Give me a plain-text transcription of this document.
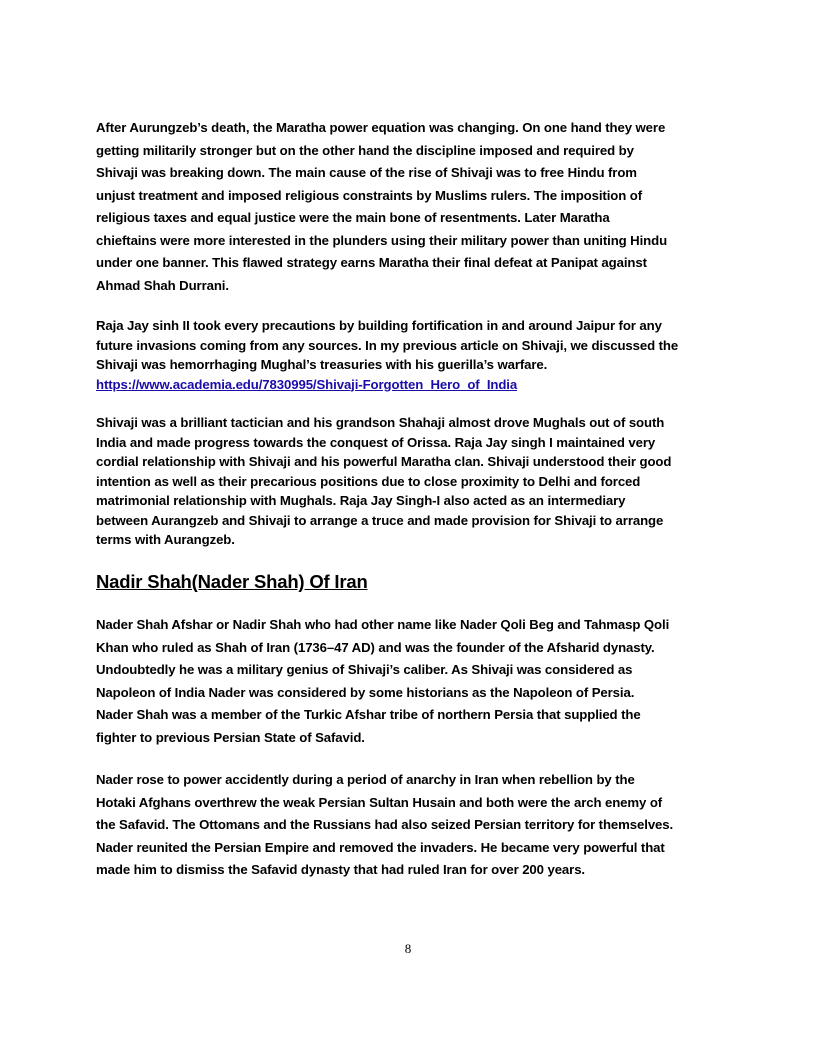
After Aurungzeb’s death, the Maratha power equation was changing. On one hand they were
getting militarily stronger but on the other hand the discipline imposed and required by
Shivaji was breaking down. The main cause of the rise of Shivaji was to free Hindu from
unjust treatment and imposed religious constraints by Muslims rulers. The imposition of
religious taxes and equal justice were the main bone of resentments. Later Maratha
chieftains were more interested in the plunders using their military power than uniting Hindu
under one banner. This flawed strategy earns Maratha their final defeat at Panipat against
Ahmad Shah Durrani.

Raja Jay sinh II took every precautions by building fortification in and around Jaipur for any
future invasions coming from any sources. In my previous article on Shivaji, we discussed the
Shivaji was hemorrhaging Mughal’s treasuries with his guerilla’s warfare.
https://www.academia.edu/7830995/Shivaji-Forgotten_Hero_of_India

Shivaji was a brilliant tactician and his grandson Shahaji almost drove Mughals out of south
India and made progress towards the conquest of Orissa. Raja Jay singh I maintained very
cordial relationship with Shivaji and his powerful Maratha clan. Shivaji understood their good
intention as well as their precarious positions due to close proximity to Delhi and forced
matrimonial relationship with Mughals. Raja Jay Singh-I also acted as an intermediary
between Aurangzeb and Shivaji to arrange a truce and made provision for Shivaji to arrange
terms with Aurangzeb.

Nadir Shah(Nader Shah) Of Iran

Nader Shah Afshar or Nadir Shah who had other name like Nader Qoli Beg and Tahmasp Qoli
Khan who ruled as Shah of Iran (1736–47 AD) and was the founder of the Afsharid dynasty.
Undoubtedly he was a military genius of Shivaji’s caliber. As Shivaji was considered as
Napoleon of India Nader was considered by some historians as the Napoleon of Persia.
Nader Shah was a member of the Turkic Afshar tribe of northern Persia that supplied the
fighter to previous Persian State of Safavid.

Nader rose to power accidently during a period of anarchy in Iran when rebellion by the
Hotaki Afghans overthrew the weak Persian Sultan Husain and both were the arch enemy of
the Safavid. The Ottomans and the Russians had also seized Persian territory for themselves.
Nader reunited the Persian Empire and removed the invaders. He became very powerful that
made him to dismiss the Safavid dynasty that had ruled Iran for over 200 years.

8
